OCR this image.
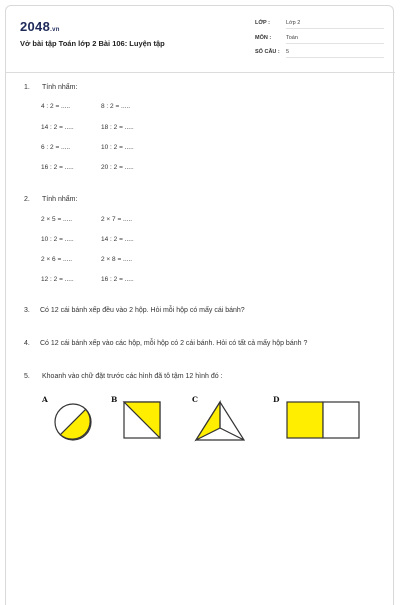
2048.vn
Vở bài tập Toán lớp 2 Bài 106: Luyện tập
LỚP :	Lớp 2
MÔN :	Toán
SỐ CÂU : 5
1. Tính nhẩm:
4 : 2 = .....	8 : 2 = .....
14 : 2 = .....	18 : 2 = .....
6 : 2 = .....	10 : 2 = .....
16 : 2 = .....	20 : 2 = .....
2. Tính nhẩm:
2 × 5 = .....	2 × 7 = .....
10 : 2 = .....	14 : 2 = .....
2 × 6 = .....	2 × 8 = .....
12 : 2 = .....	16 : 2 = .....
3. Có 12 cái bánh xếp đều vào 2 hộp. Hỏi mỗi hộp có mấy cái bánh?
4. Có 12 cái bánh xếp vào các hộp, mỗi hộp có 2 cái bánh. Hỏi có tất cả mấy hộp bánh ?
5. Khoanh vào chữ đặt trước các hình đã tô tậm 12 hình đó :
A	B	C	D
